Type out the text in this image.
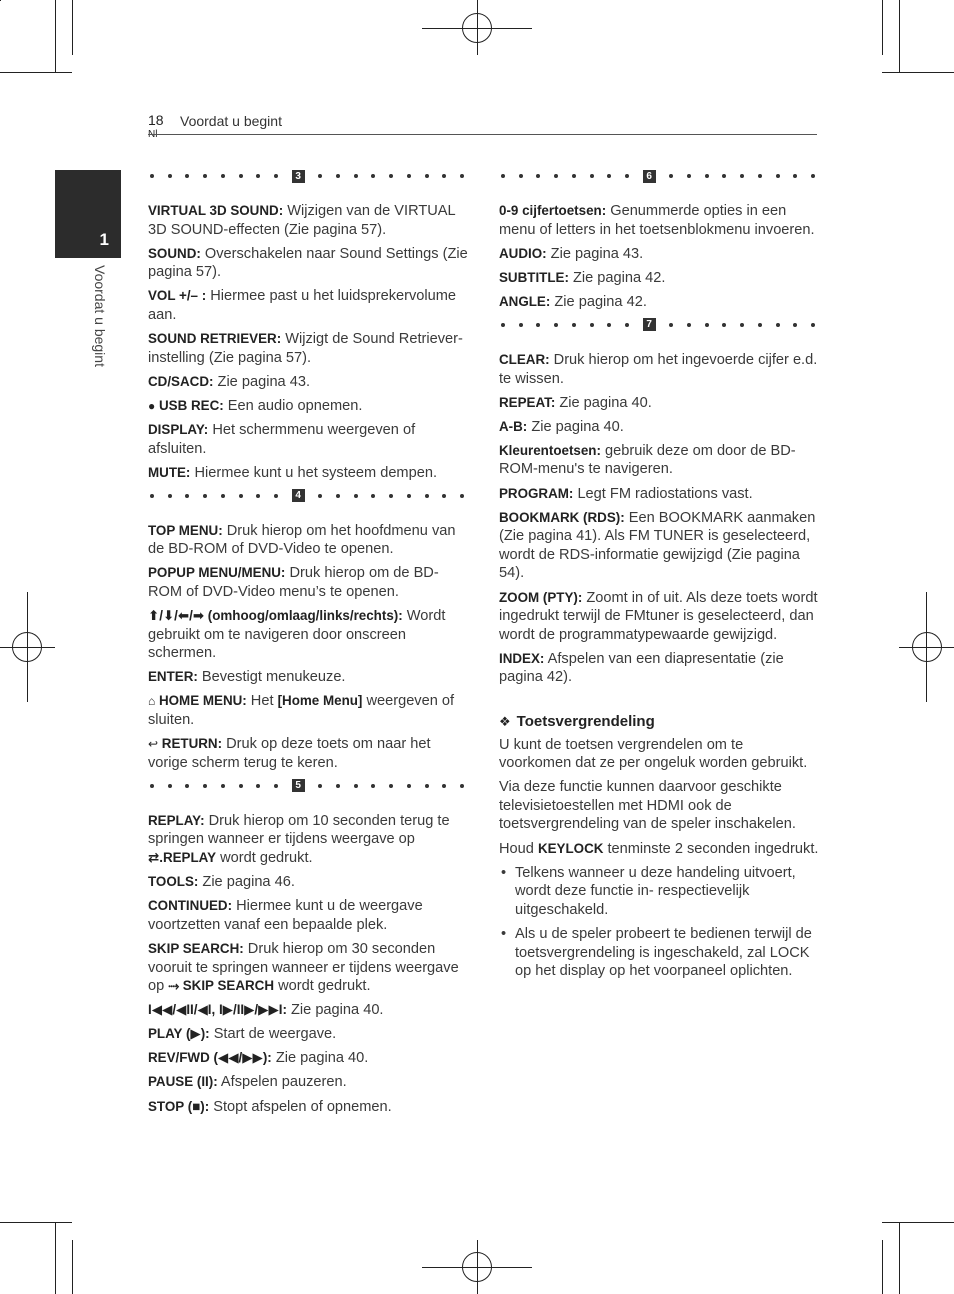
18 Voordat u begint
1
Voordat u begint
3
VIRTUAL 3D SOUND: Wijzigen van de VIRTUAL 3D SOUND-effecten (Zie pagina 57).
SOUND: Overschakelen naar Sound Settings (Zie pagina 57).
VOL +/– : Hiermee past u het luidsprekervolume aan.
SOUND RETRIEVER: Wijzigt de Sound Retriever-instelling (Zie pagina 57).
CD/SACD: Zie pagina 43.
● USB REC: Een audio opnemen.
DISPLAY: Het schermmenu weergeven of afsluiten.
MUTE: Hiermee kunt u het systeem dempen.
4
TOP MENU: Druk hierop om het hoofdmenu van de BD-ROM of DVD-Video te openen.
POPUP MENU/MENU: Druk hierop om de BD-ROM of DVD-Video menu’s te openen.
⬆/⬇/⬅/➡ (omhoog/omlaag/links/rechts): Wordt gebruikt om te navigeren door onscreen schermen.
ENTER: Bevestigt menukeuze.
⌂ HOME MENU: Het [Home Menu] weergeven of sluiten.
↩ RETURN: Druk op deze toets om naar het vorige scherm terug te keren.
5
REPLAY: Druk hierop om 10 seconden terug te springen wanneer er tijdens weergave op ⇄.REPLAY wordt gedrukt.
TOOLS: Zie pagina 46.
CONTINUED: Hiermee kunt u de weergave voortzetten vanaf een bepaalde plek.
SKIP SEARCH: Druk hierop om 30 seconden vooruit te springen wanneer er tijdens weergave op ⤑ SKIP SEARCH wordt gedrukt.
I◀◀/◀II/◀I, I▶/II▶/▶▶I: Zie pagina 40.
PLAY (▶): Start de weergave.
REV/FWD (◀◀/▶▶): Zie pagina 40.
PAUSE (II): Afspelen pauzeren.
STOP (■): Stopt afspelen of opnemen.
6
0-9 cijfertoetsen: Genummerde opties in een menu of letters in het toetsenblokmenu invoeren.
AUDIO: Zie pagina 43.
SUBTITLE: Zie pagina 42.
ANGLE: Zie pagina 42.
7
CLEAR: Druk hierop om het ingevoerde cijfer e.d. te wissen.
REPEAT: Zie pagina 40.
A-B: Zie pagina 40.
Kleurentoetsen: gebruik deze om door de BD-ROM-menu's te navigeren.
PROGRAM: Legt FM radiostations vast.
BOOKMARK (RDS): Een BOOKMARK aanmaken (Zie pagina 41). Als FM TUNER is geselecteerd, wordt de RDS-informatie gewijzigd (Zie pagina 54).
ZOOM (PTY): Zoomt in of uit. Als deze toets wordt ingedrukt terwijl de FMtuner is geselecteerd, dan wordt de programmatypewaarde gewijzigd.
INDEX: Afspelen van een diapresentatie (zie pagina 42).
❖ Toetsvergrendeling
U kunt de toetsen vergrendelen om te voorkomen dat ze per ongeluk worden gebruikt.
Via deze functie kunnen daarvoor geschikte televisietoestellen met HDMI ook de toetsvergrendeling van de speler inschakelen.
Houd KEYLOCK tenminste 2 seconden ingedrukt.
• Telkens wanneer u deze handeling uitvoert, wordt deze functie in- respectievelijk uitgeschakeld.
• Als u de speler probeert te bedienen terwijl de toetsvergrendeling is ingeschakeld, zal LOCK op het display op het voorpaneel oplichten.
